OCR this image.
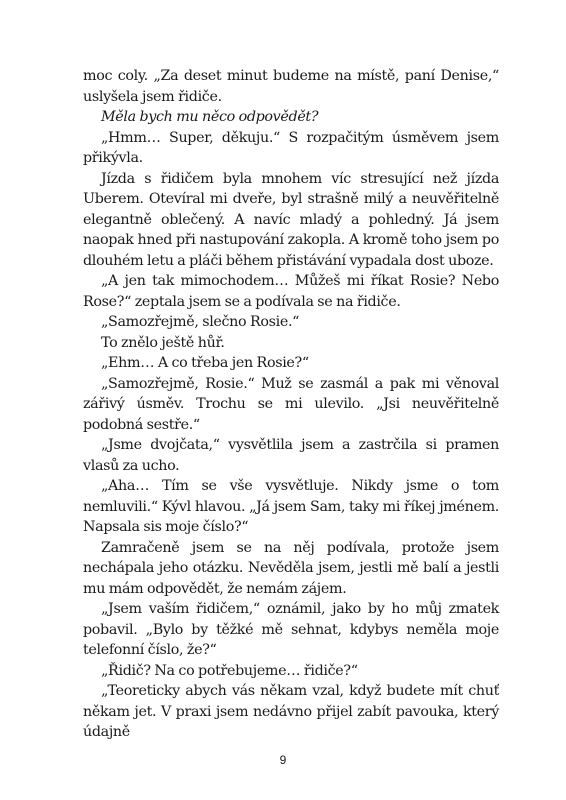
moc coly. „Za deset minut budeme na místě, paní Denise,“ uslyšela jsem řidiče.

Měla bych mu něco odpovědět?

„Hmm… Super, děkuju.“ S rozpačitým úsměvem jsem přikývla.

Jízda s řidičem byla mnohem víc stresující než jízda Uberem. Otevíral mi dveře, byl strašně milý a neuvěřitelně elegantně oblečený. A navíc mladý a pohledný. Já jsem naopak hned při nastupování zakopla. A kromě toho jsem po dlouhém letu a pláči během přistávání vypadala dost uboze.

„A jen tak mimochodem… Můžeš mi říkat Rosie? Nebo Rose?“ zeptala jsem se a podívala se na řidiče.

„Samozřejmě, slečno Rosie.“

To znělo ještě hůř.

„Ehm… A co třeba jen Rosie?“

„Samozřejmě, Rosie.“ Muž se zasmál a pak mi věnoval zářivý úsměv. Trochu se mi ulevilo. „Jsi neuvěřitelně podobná sestře.“

„Jsme dvojčata,“ vysvětlila jsem a zastrčila si pramen vlasů za ucho.

„Aha… Tím se vše vysvětluje. Nikdy jsme o tom nemluvili.“ Kývl hlavou. „Já jsem Sam, taky mi říkej jménem. Napsala sis moje číslo?“

Zamračeně jsem se na něj podívala, protože jsem nechápala jeho otázku. Nevěděla jsem, jestli mě balí a jestli mu mám odpovědět, že nemám zájem.

„Jsem vaším řidičem,“ oznámil, jako by ho můj zmatek pobavil. „Bylo by těžké mě sehnat, kdybys neměla moje telefonní číslo, že?“

„Řidič? Na co potřebujeme… řidiče?“

„Teoreticky abych vás někam vzal, když budete mít chuť někam jet. V praxi jsem nedávno přijel zabít pavouka, který údajně

9
